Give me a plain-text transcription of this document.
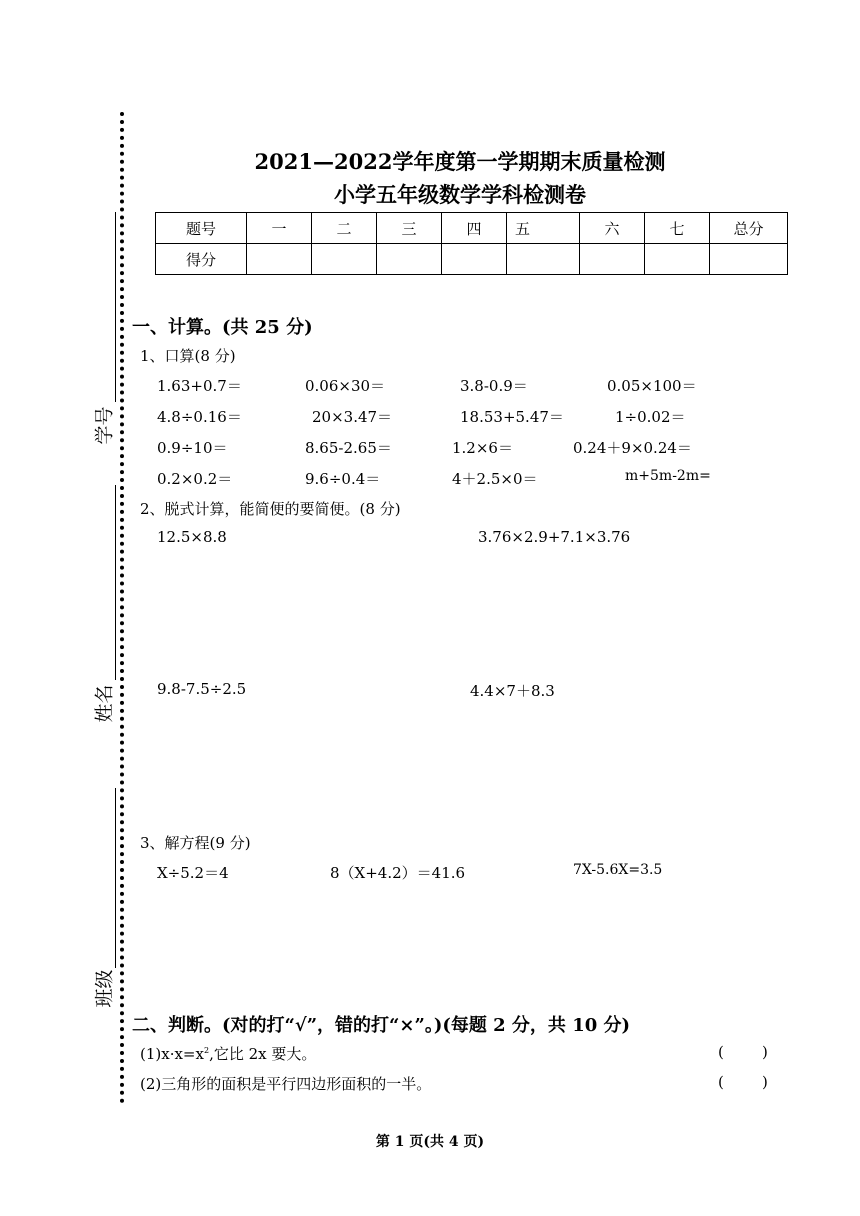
学号
姓名
班级
2021—2022学年度第一学期期末质量检测
小学五年级数学学科检测卷
题号	一	二	三	四	五	六	七	总分
得分								
一、计算。(共 25 分)
1、口算(8 分)
1.63+0.7＝	0.06×30＝	3.8-0.9＝	0.05×100＝
4.8÷0.16＝	20×3.47＝	18.53+5.47＝	1÷0.02＝
0.9÷10＝	8.65-2.65＝	1.2×6＝	0.24＋9×0.24＝
0.2×0.2＝	9.6÷0.4＝	4＋2.5×0＝	m+5m-2m=
2、脱式计算，能简便的要简便。(8 分)
12.5×8.8	3.76×2.9+7.1×3.76
9.8-7.5÷2.5	4.4×7＋8.3
3、解方程(9 分)
X÷5.2＝4	8（X+4.2）＝41.6	7X-5.6X=3.5
二、判断。(对的打“√”，错的打“×”。)(每题 2 分，共 10 分)
$(1)x\cdot x=x^2$,它比 2x 要大。	(        )
(2)三角形的面积是平行四边形面积的一半。	(        )
第 1 页(共 4 页)
